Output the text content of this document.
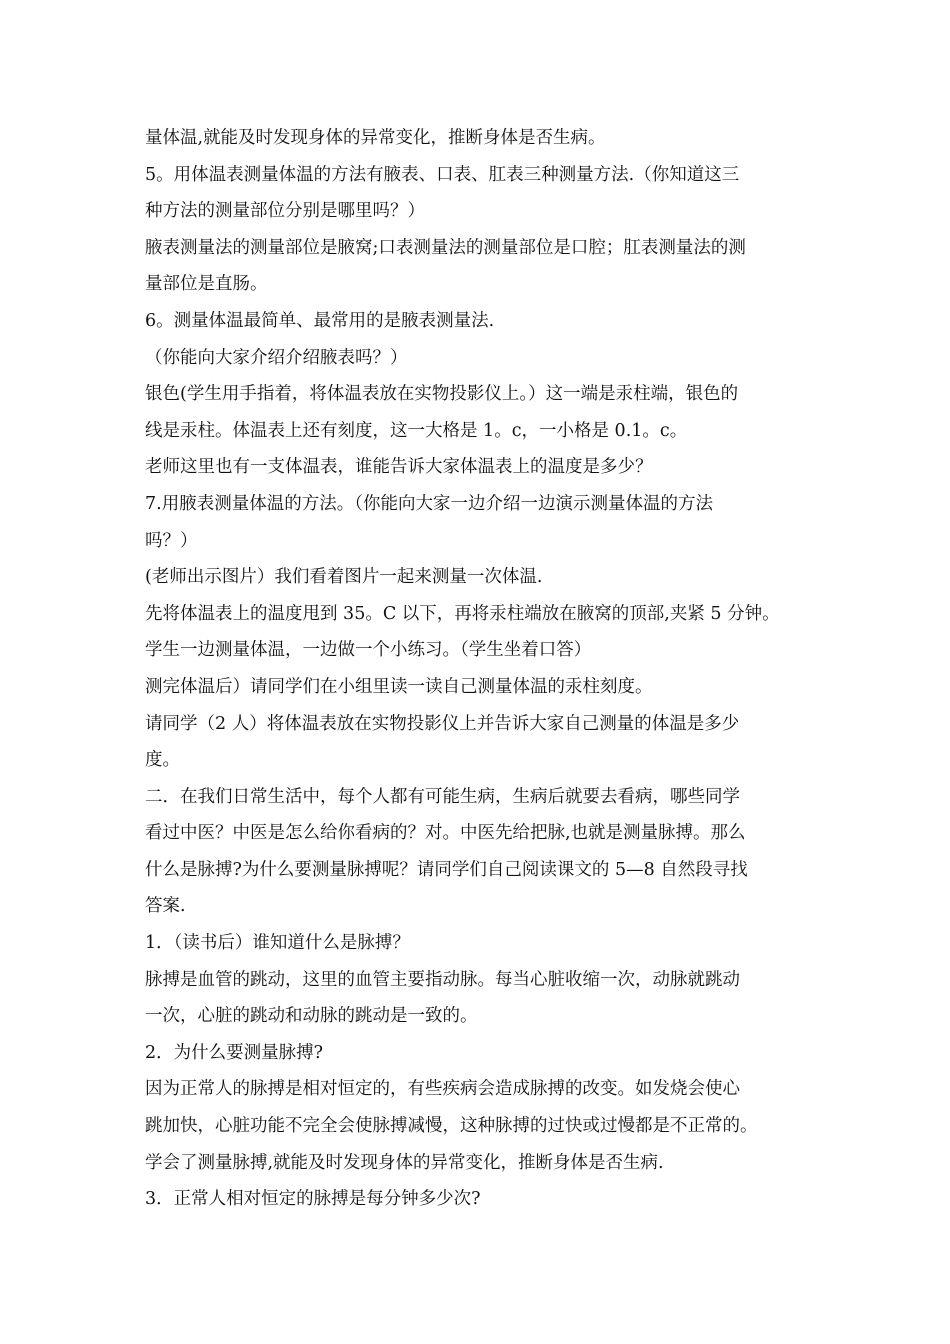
量体温,就能及时发现身体的异常变化，推断身体是否生病。
5。用体温表测量体温的方法有腋表、口表、肛表三种测量方法.（你知道这三
种方法的测量部位分别是哪里吗？）
腋表测量法的测量部位是腋窝;口表测量法的测量部位是口腔；肛表测量法的测
量部位是直肠。
6。测量体温最简单、最常用的是腋表测量法.
（你能向大家介绍介绍腋表吗？）
银色(学生用手指着，将体温表放在实物投影仪上。）这一端是汞柱端，银色的
线是汞柱。体温表上还有刻度，这一大格是 1。c，一小格是 0.1。c。
老师这里也有一支体温表，谁能告诉大家体温表上的温度是多少？
7.用腋表测量体温的方法。（你能向大家一边介绍一边演示测量体温的方法
吗？）
(老师出示图片）我们看着图片一起来测量一次体温.
先将体温表上的温度甩到 35。C 以下，再将汞柱端放在腋窝的顶部,夹紧 5 分钟。
学生一边测量体温，一边做一个小练习。（学生坐着口答）
测完体温后）请同学们在小组里读一读自己测量体温的汞柱刻度。
请同学（2 人）将体温表放在实物投影仪上并告诉大家自己测量的体温是多少
度。
二．在我们日常生活中，每个人都有可能生病，生病后就要去看病，哪些同学
看过中医？中医是怎么给你看病的？对。中医先给把脉,也就是测量脉搏。那么
什么是脉搏?为什么要测量脉搏呢？请同学们自己阅读课文的 5—8 自然段寻找
答案.
1．（读书后）谁知道什么是脉搏？
脉搏是血管的跳动，这里的血管主要指动脉。每当心脏收缩一次，动脉就跳动
一次，心脏的跳动和动脉的跳动是一致的。
2．为什么要测量脉搏?
因为正常人的脉搏是相对恒定的，有些疾病会造成脉搏的改变。如发烧会使心
跳加快，心脏功能不完全会使脉搏减慢，这种脉搏的过快或过慢都是不正常的。
学会了测量脉搏,就能及时发现身体的异常变化，推断身体是否生病.
3．正常人相对恒定的脉搏是每分钟多少次?
